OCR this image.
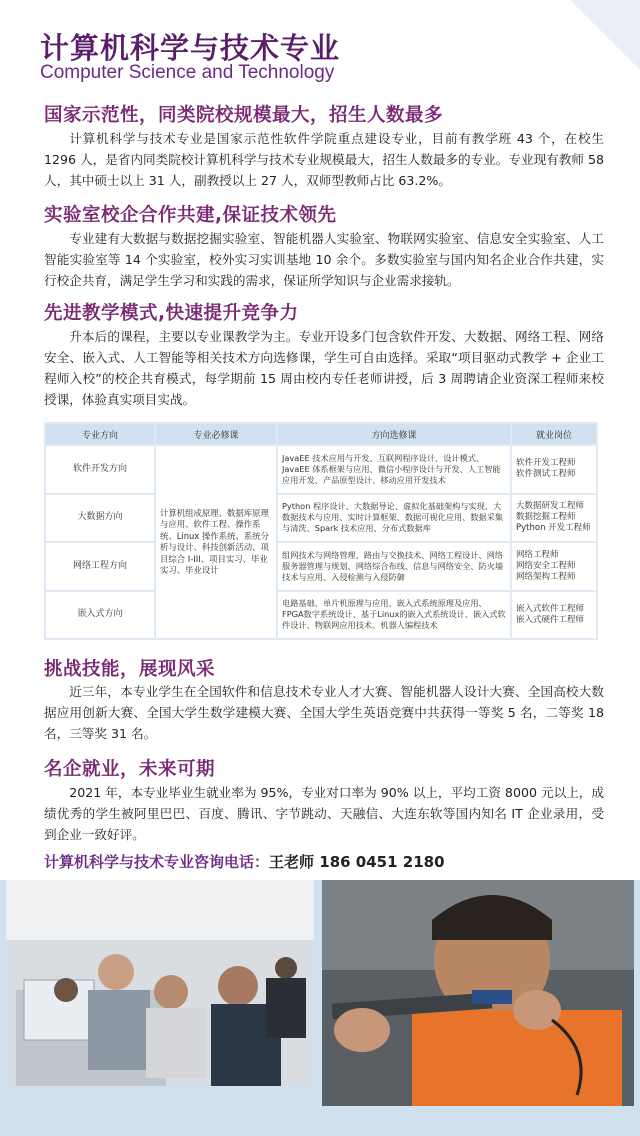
计算机科学与技术专业
Computer Science and Technology
国家示范性，同类院校规模最大，招生人数最多
计算机科学与技术专业是国家示范性软件学院重点建设专业，目前有教学班 43 个，在校生 1296 人，是省内同类院校计算机科学与技术专业规模最大，招生人数最多的专业。专业现有教师 58 人，其中硕士以上 31 人，副教授以上 27 人，双师型教师占比 63.2%。
实验室校企合作共建,保证技术领先
专业建有大数据与数据挖掘实验室、智能机器人实验室、物联网实验室、信息安全实验室、人工智能实验室等 14 个实验室，校外实习实训基地 10 余个。多数实验室与国内知名企业合作共建，实行校企共育，满足学生学习和实践的需求，保证所学知识与企业需求接轨。
先进教学模式,快速提升竞争力
升本后的课程，主要以专业课教学为主。专业开设多门包含软件开发、大数据、网络工程、网络安全、嵌入式、人工智能等相关技术方向选修课，学生可自由选择。采取“项目驱动式教学 + 企业工程师入校”的校企共育模式，每学期前 15 周由校内专任老师讲授，后 3 周聘请企业资深工程师来校授课，体验真实项目实战。
专业方向	专业必修课	方向选修课	就业岗位
软件开发方向	计算机组成原理、数据库原理与应用、软件工程、操作系统、Linux 操作系统、系统分析与设计、科技创新活动、项目综合 I-III、项目实习、毕业实习、毕业设计	JavaEE 技术应用与开发、互联网程序设计、设计模式、JavaEE 体系框架与应用、微信小程序设计与开发、人工智能应用开发、产品原型设计、移动应用开发技术	软件开发工程师
软件测试工程师
大数据方向		Python 程序设计、大数据导论、虚拟化基础架构与实现、大数据技术与应用、实时计算框架、数据可视化应用、数据采集与清洗、Spark 技术应用、分布式数据库	大数据研发工程师
数据挖掘工程师
Python 开发工程师
网络工程方向		组网技术与网络管理、路由与交换技术、网络工程设计、网络服务器管理与规划、网络综合布线、信息与网络安全、防火墙技术与应用、入侵检测与入侵防御	网络工程师
网络安全工程师
网络架构工程师
嵌入式方向		电路基础、单片机原理与应用、嵌入式系统原理及应用、FPGA数字系统设计、基于Linux的嵌入式系统设计、嵌入式软件设计、物联网应用技术、机器人编程技术	嵌入式软件工程师
嵌入式硬件工程师
挑战技能，展现风采
近三年，本专业学生在全国软件和信息技术专业人才大赛、智能机器人设计大赛、全国高校大数据应用创新大赛、全国大学生数学建模大赛、全国大学生英语竞赛中共获得一等奖 5 名，二等奖 18 名，三等奖 31 名。
名企就业，未来可期
2021 年，本专业毕业生就业率为 95%，专业对口率为 90% 以上，平均工资 8000 元以上，成绩优秀的学生被阿里巴巴、百度、腾讯、字节跳动、天融信、大连东软等国内知名 IT 企业录用，受到企业一致好评。
计算机科学与技术专业咨询电话：王老师 186 0451 2180
